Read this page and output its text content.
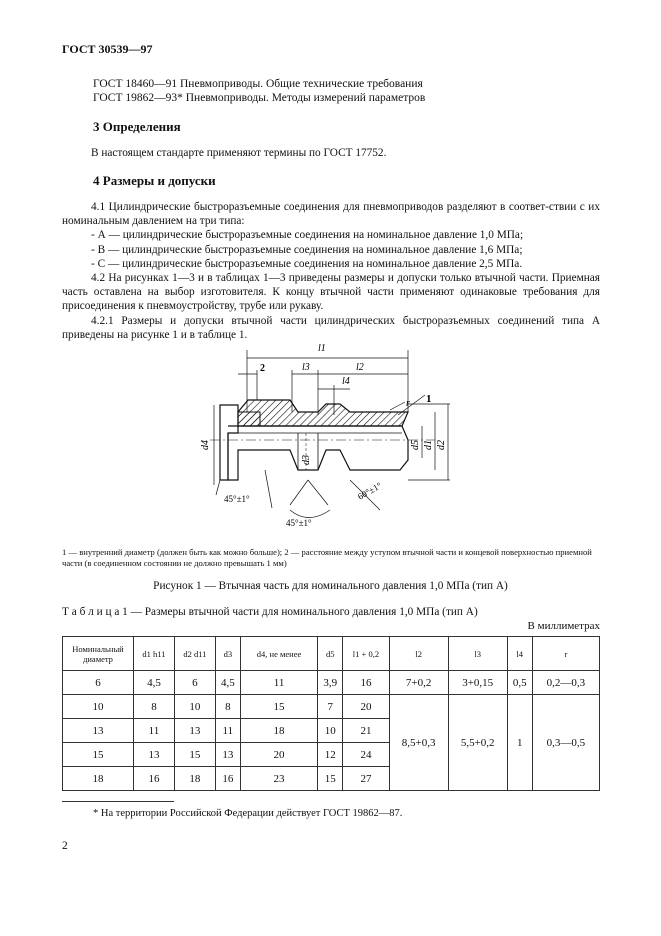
ГОСТ 30539—97
ГОСТ 18460—91 Пневмоприводы. Общие технические требования
ГОСТ 19862—93* Пневмоприводы. Методы измерений параметров
3 Определения

В настоящем стандарте применяют термины по ГОСТ 17752.

4 Размеры и допуски

4.1 Цилиндрические быстроразъемные соединения для пневмоприводов разделяют в соответ-ствии с их номинальным давлением на три типа:

- А — цилиндрические быстроразъемные соединения на номинальное давление 1,0 МПа;

- В — цилиндрические быстроразъемные соединения на номинальное давление 1,6 МПа;

- С — цилиндрические быстроразъемные соединения на номинальное давление 2,5 МПа.

4.2 На рисунках 1—3 и в таблицах 1—3 приведены размеры и допуски только втычной части. Приемная часть оставлена на выбор изготовителя. К концу втычной части применяют одинаковые требования для присоединения к пневмоустройству, трубе или рукаву.

4.2.1 Размеры и допуски втычной части цилиндрических быстроразъемных соединений типа А приведены на рисунке 1 и в таблице 1.

l1
l2
l3
l4
2
1
r
d4	d5 d1 d2
d3
45°±1°
45°±1°
60°±1°
1 — внутренний диаметр (должен быть как можно больше); 2 — расстояние между уступом втычной части и концевой поверхностью приемной части (в соединенном состоянии не должно превышать 1 мм)
Рисунок 1 — Втычная часть для номинального давления 1,0 МПа (тип А)
Т а б л и ц а 1 — Размеры втычной части для номинального давления 1,0 МПа (тип А)
В миллиметрах
Номинальный диаметр	d1 h11	d2 d11	d3	d4, не менее	d5	l1 + 0,2	l2	l3	l4	r
6	4,5	6	4,5	11	3,9	16	7+0,2	3+0,15	0,5	0,2—0,3
10	8	10	8	15	7	20	8,5+0,3	5,5+0,2	1	0,3—0,5
13	11	13	11	18	10	21				
15	13	15	13	20	12	24				
18	16	18	16	23	15	27				
* На территории Российской Федерации действует ГОСТ 19862—87.
2
